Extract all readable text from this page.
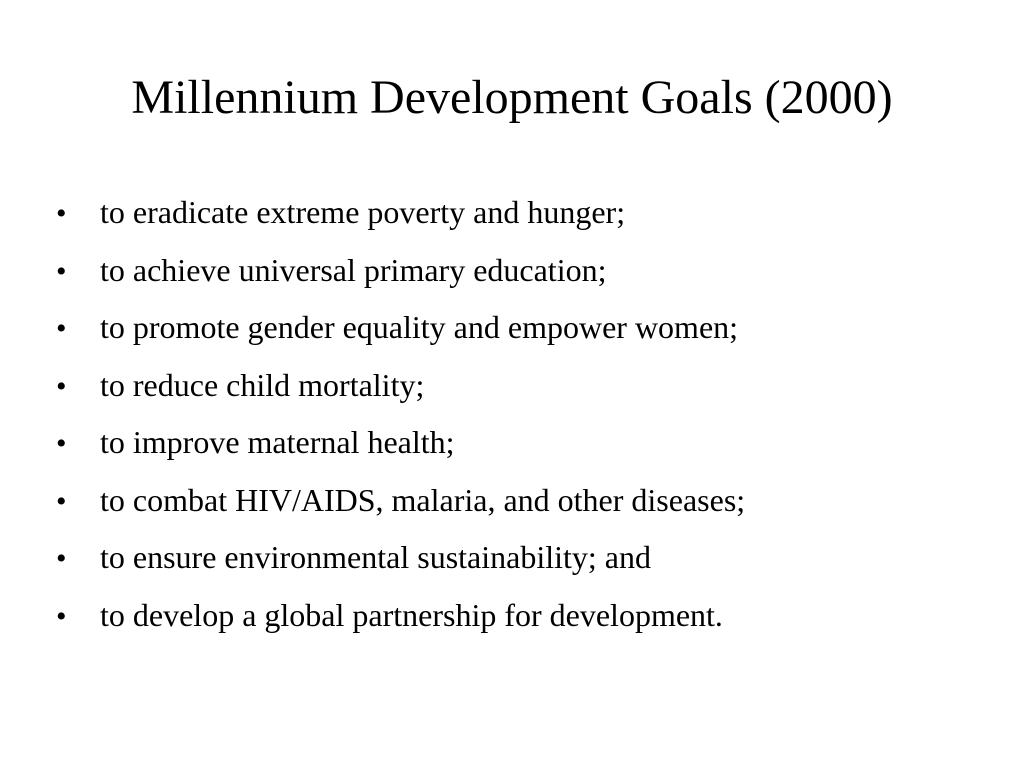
Millennium Development Goals (2000)
•	to eradicate extreme poverty and hunger;
•	to achieve universal primary education;
•	to promote gender equality and empower women;
•	to reduce child mortality;
•	to improve maternal health;
•	to combat HIV/AIDS, malaria, and other diseases;
•	to ensure environmental sustainability; and
•	to develop a global partnership for development.
